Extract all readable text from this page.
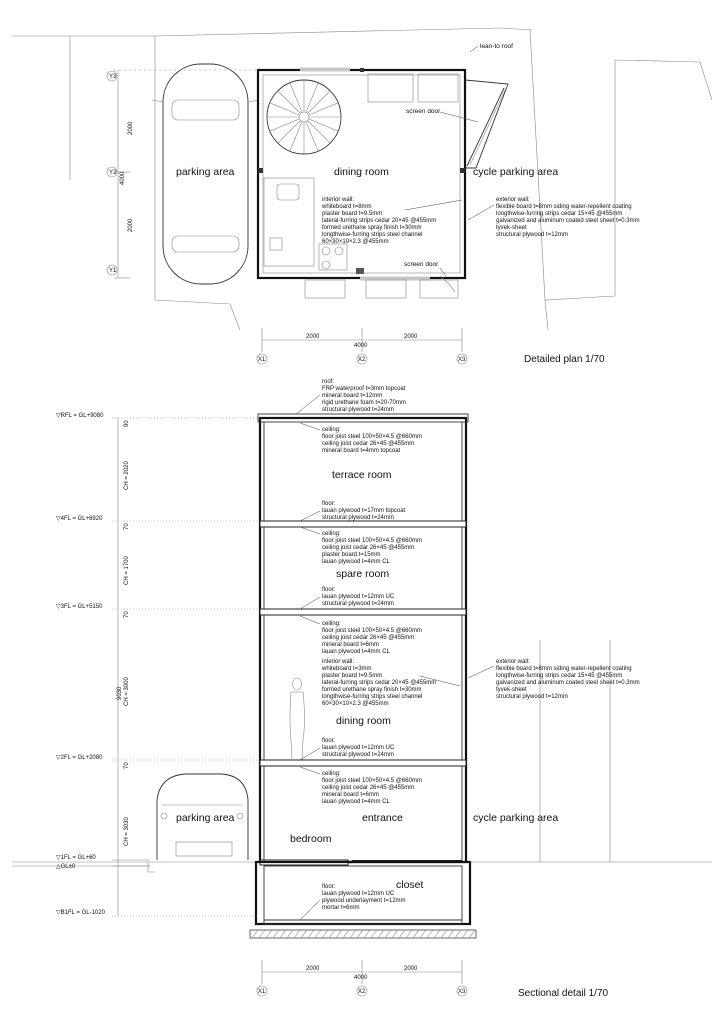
lean-to roof
screen door
screen door
parking area	dining room	cycle parking area
interior wall:
whiteboard t=8mm
plaster board t=9.5mm
lateral-furring strips cedar 20×45 @455mm
formed urethane spray finish t=30mm
longthwise-furring strips steel channel
60×30×10×2.3 @455mm
exterior wall:
flexible board t=8mm siding water-repellent coating
longthwise-furring strips cedar 15×45 @455mm
galvanized and aluminum coated steel sheet t=0.3mm
tyvek-sheet
structural plywood t=12mm
Y3
Y2
Y1
2000
4000
2000
2000
4000
2000
X1	X2	X3	Detailed plan 1/70
terrace room
spare room
dining room
bedroom
entrance
closet
parking area	cycle parking area
roof:
FRP waterproof t=3mm topcoat
mineral board t=12mm
rigid urethane foam t=20-70mm
structural plywood t=24mm
ceiling:
floor joist steel 100×50×4.5 @660mm
ceiling joist cedar 26×45 @455mm
mineral board t=4mm topcoat
floor:
lauan plywood t=17mm topcoat
structural plywood t=24mm
ceiling:
floor joist steel 100×50×4.5 @660mm
ceiling joist cedar 26×45 @455mm
plaster board t=15mm
lauan plywood t=4mm CL
floor:
lauan plywood t=12mm UC
structural plywood t=24mm
ceiling:
floor joist steel 100×50×4.5 @660mm
ceiling joist cedar 26×45 @455mm
mineral board t=6mm
lauan plywood t=4mm CL
interior wall:
whiteboard t=3mm
plaster board t=9.5mm
lateral-furring strips cedar 20×45 @455mm
formed urethane spray finish t=30mm
longthwise-furring strips steel channel
60×30×10×2.3 @455mm
floor:
lauan plywood t=12mm UC
structural plywood t=24mm
ceiling:
floor joist steel 100×50×4.5 @660mm
ceiling joist cedar 26×45 @455mm
mineral board t=6mm
lauan plywood t=4mm CL
exterior wall:
flexible board t=8mm siding water-repellent coating
longthwise-furring strips cedar 15×45 @455mm
galvanized and aluminum coated steel sheet t=0.3mm
tyvek-sheet
structural plywood t=12mm
floor:
lauan plywood t=12mm UC
plywood underlayment t=12mm
mortar t=6mm
▽RFL = GL+9080
▽4FL = GL+6920
▽3FL = GL+5150
▽2FL = GL+2080
▽1FL = GL+60
△GL±0
▽B1FL = GL-1020
90
CH = 2020
70
CH = 1700
70
CH = 3000
9030
70
CH = 3030
2000
4000
2000
X1	X2	X3	Sectional detail 1/70
